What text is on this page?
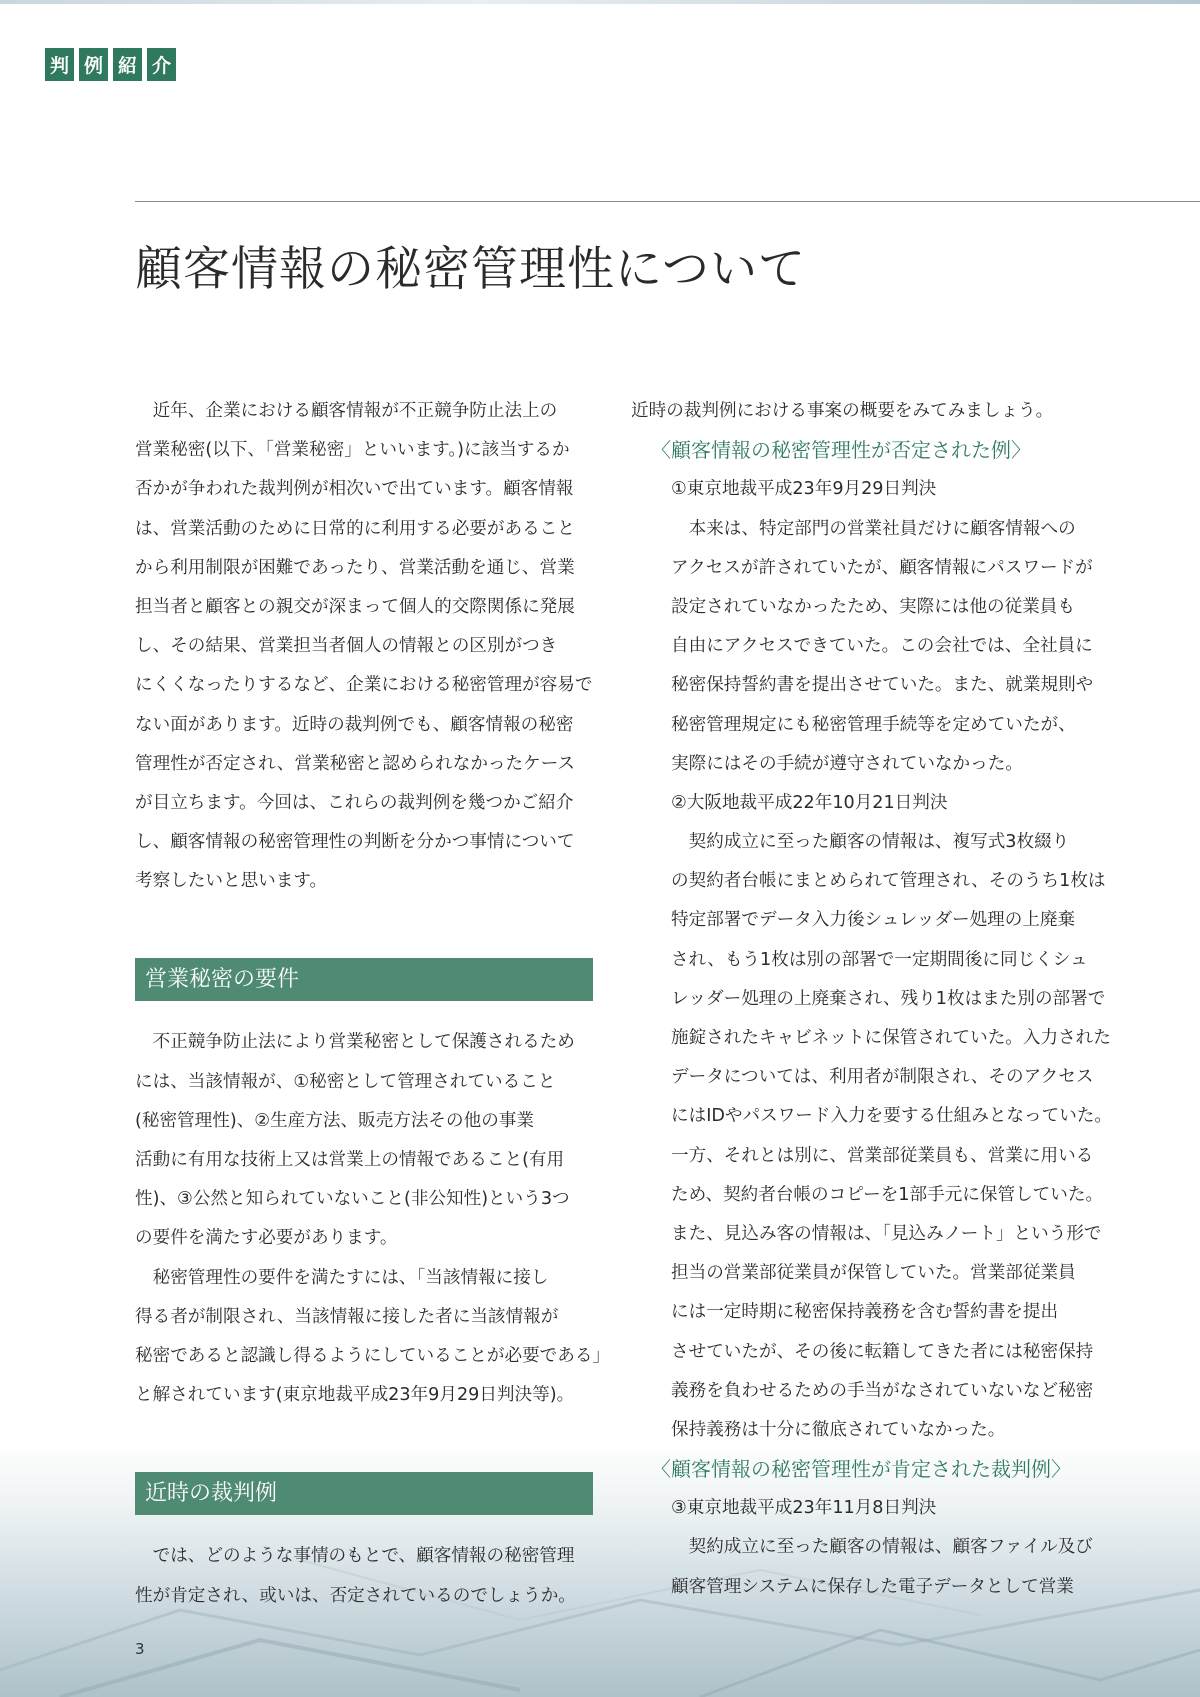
判 例 紹 介
顧客情報の秘密管理性について
近年、企業における顧客情報が不正競争防止法上の
営業秘密(以下、「営業秘密」といいます。)に該当するか
否かが争われた裁判例が相次いで出ています。顧客情報
は、営業活動のために日常的に利用する必要があること
から利用制限が困難であったり、営業活動を通じ、営業
担当者と顧客との親交が深まって個人的交際関係に発展
し、その結果、営業担当者個人の情報との区別がつき
にくくなったりするなど、企業における秘密管理が容易で
ない面があります。近時の裁判例でも、顧客情報の秘密
管理性が否定され、営業秘密と認められなかったケース
が目立ちます。今回は、これらの裁判例を幾つかご紹介
し、顧客情報の秘密管理性の判断を分かつ事情について
考察したいと思います。
営業秘密の要件
不正競争防止法により営業秘密として保護されるため
には、当該情報が、①秘密として管理されていること
(秘密管理性)、②生産方法、販売方法その他の事業
活動に有用な技術上又は営業上の情報であること(有用
性)、③公然と知られていないこと(非公知性)という3つ
の要件を満たす必要があります。
秘密管理性の要件を満たすには、「当該情報に接し
得る者が制限され、当該情報に接した者に当該情報が
秘密であると認識し得るようにしていることが必要である」
と解されています(東京地裁平成23年9月29日判決等)。
近時の裁判例
では、どのような事情のもとで、顧客情報の秘密管理
性が肯定され、或いは、否定されているのでしょうか。
近時の裁判例における事案の概要をみてみましょう。
〈顧客情報の秘密管理性が否定された例〉
①東京地裁平成23年9月29日判決
本来は、特定部門の営業社員だけに顧客情報への
アクセスが許されていたが、顧客情報にパスワードが
設定されていなかったため、実際には他の従業員も
自由にアクセスできていた。この会社では、全社員に
秘密保持誓約書を提出させていた。また、就業規則や
秘密管理規定にも秘密管理手続等を定めていたが、
実際にはその手続が遵守されていなかった。
②大阪地裁平成22年10月21日判決
契約成立に至った顧客の情報は、複写式3枚綴り
の契約者台帳にまとめられて管理され、そのうち1枚は
特定部署でデータ入力後シュレッダー処理の上廃棄
され、もう1枚は別の部署で一定期間後に同じくシュ
レッダー処理の上廃棄され、残り1枚はまた別の部署で
施錠されたキャビネットに保管されていた。入力された
データについては、利用者が制限され、そのアクセス
にはIDやパスワード入力を要する仕組みとなっていた。
一方、それとは別に、営業部従業員も、営業に用いる
ため、契約者台帳のコピーを1部手元に保管していた。
また、見込み客の情報は、「見込みノート」という形で
担当の営業部従業員が保管していた。営業部従業員
には一定時期に秘密保持義務を含む誓約書を提出
させていたが、その後に転籍してきた者には秘密保持
義務を負わせるための手当がなされていないなど秘密
保持義務は十分に徹底されていなかった。
〈顧客情報の秘密管理性が肯定された裁判例〉
③東京地裁平成23年11月8日判決
契約成立に至った顧客の情報は、顧客ファイル及び
顧客管理システムに保存した電子データとして営業
3
